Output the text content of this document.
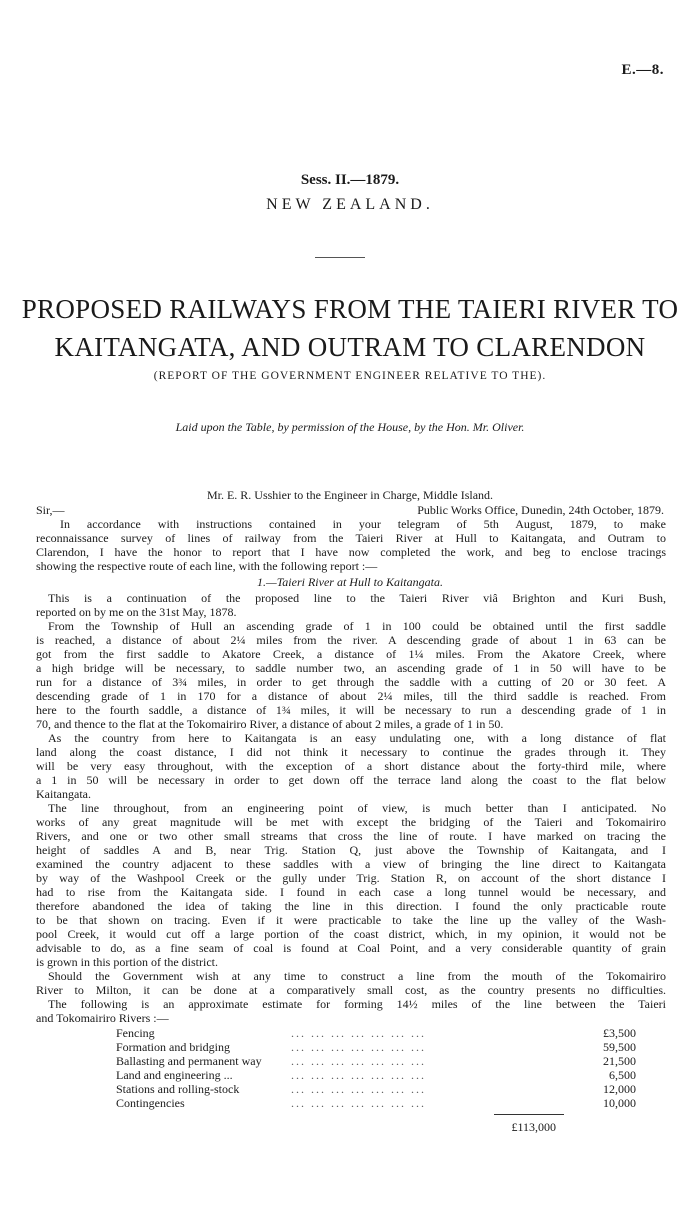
E.—8.
Sess. II.—1879.
NEW ZEALAND.
PROPOSED RAILWAYS FROM THE TAIERI RIVER TO
KAITANGATA, AND OUTRAM TO CLARENDON
(REPORT OF THE GOVERNMENT ENGINEER RELATIVE TO THE).
Laid upon the Table, by permission of the House, by the Hon. Mr. Oliver.
Mr. E. R. Usshier to the Engineer in Charge, Middle Island.
Sir,—	Public Works Office, Dunedin, 24th October, 1879.
In accordance with instructions contained in your telegram of 5th August, 1879, to make
reconnaissance survey of lines of railway from the Taieri River at Hull to Kaitangata, and Outram to
Clarendon, I have the honor to report that I have now completed the work, and beg to enclose tracings
showing the respective route of each line, with the following report :—
1.—Taieri River at Hull to Kaitangata.
This is a continuation of the proposed line to the Taieri River viâ Brighton and Kuri Bush,
reported on by me on the 31st May, 1878.
From the Township of Hull an ascending grade of 1 in 100 could be obtained until the first saddle
is reached, a distance of about 2¼ miles from the river. A descending grade of about 1 in 63 can be
got from the first saddle to Akatore Creek, a distance of 1¼ miles. From the Akatore Creek, where
a high bridge will be necessary, to saddle number two, an ascending grade of 1 in 50 will have to be
run for a distance of 3¾ miles, in order to get through the saddle with a cutting of 20 or 30 feet. A
descending grade of 1 in 170 for a distance of about 2¼ miles, till the third saddle is reached. From
here to the fourth saddle, a distance of 1¾ miles, it will be necessary to run a descending grade of 1 in
70, and thence to the flat at the Tokomairiro River, a distance of about 2 miles, a grade of 1 in 50.
As the country from here to Kaitangata is an easy undulating one, with a long distance of flat
land along the coast distance, I did not think it necessary to continue the grades through it. They
will be very easy throughout, with the exception of a short distance about the forty-third mile, where
a 1 in 50 will be necessary in order to get down off the terrace land along the coast to the flat below
Kaitangata.
The line throughout, from an engineering point of view, is much better than I anticipated. No
works of any great magnitude will be met with except the bridging of the Taieri and Tokomairiro
Rivers, and one or two other small streams that cross the line of route. I have marked on tracing the
height of saddles A and B, near Trig. Station Q, just above the Township of Kaitangata, and I
examined the country adjacent to these saddles with a view of bringing the line direct to Kaitangata
by way of the Washpool Creek or the gully under Trig. Station R, on account of the short distance I
had to rise from the Kaitangata side. I found in each case a long tunnel would be necessary, and
therefore abandoned the idea of taking the line in this direction. I found the only practicable route
to be that shown on tracing. Even if it were practicable to take the line up the valley of the Wash-
pool Creek, it would cut off a large portion of the coast district, which, in my opinion, it would not be
advisable to do, as a fine seam of coal is found at Coal Point, and a very considerable quantity of grain
is grown in this portion of the district.
Should the Government wish at any time to construct a line from the mouth of the Tokomairiro
River to Milton, it can be done at a comparatively small cost, as the country presents no difficulties.
The following is an approximate estimate for forming 14½ miles of the line between the Taieri
and Tokomairiro Rivers :—
Fencing	... ... ... ... ... ... ...	£3,500
Formation and bridging	... ... ... ... ... ... ...	59,500
Ballasting and permanent way ... ... ... ... ... ... ...	21,500
Land and engineering ...	... ... ... ... ... ... ...	6,500
Stations and rolling-stock	... ... ... ... ... ... ...	12,000
Contingencies	... ... ... ... ... ... ...	10,000
£113,000
